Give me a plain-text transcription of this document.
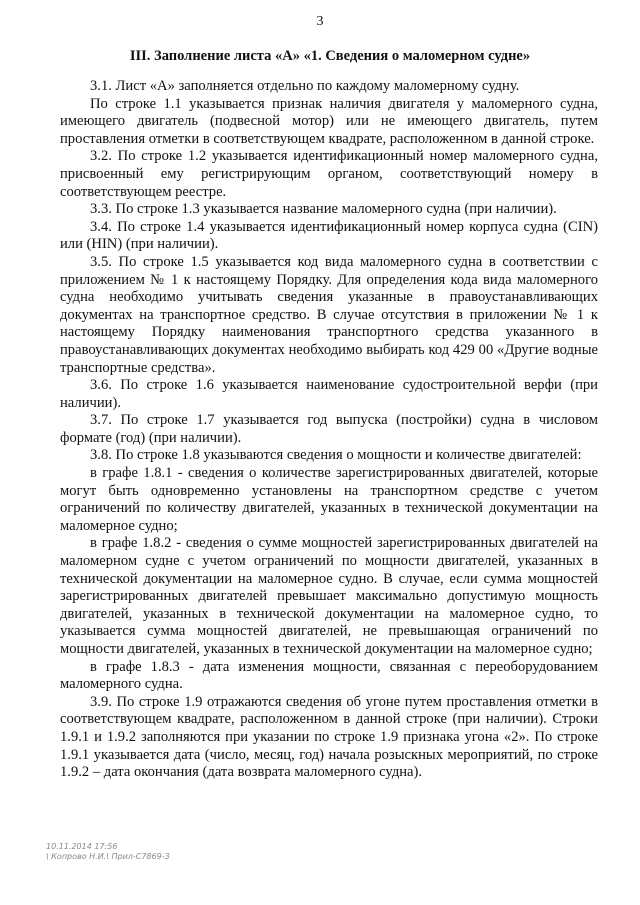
3
III. Заполнение листа «А» «1. Сведения о маломерном судне»

3.1. Лист «А» заполняется отдельно по каждому маломерному судну.

По строке 1.1 указывается признак наличия двигателя у маломерного судна, имеющего двигатель (подвесной мотор) или не имеющего двигатель, путем проставления отметки в соответствующем квадрате, расположенном в данной строке.

3.2. По строке 1.2 указывается идентификационный номер маломерного судна, присвоенный ему регистрирующим органом, соответствующий номеру в соответствующем реестре.

3.3. По строке 1.3 указывается название маломерного судна (при наличии).

3.4. По строке 1.4 указывается идентификационный номер корпуса судна (CIN) или (HIN) (при наличии).

3.5. По строке 1.5 указывается код вида маломерного судна в соответствии с приложением № 1 к настоящему Порядку. Для определения кода вида маломерного судна необходимо учитывать сведения указанные в правоустанавливающих документах на транспортное средство. В случае отсутствия в приложении № 1 к настоящему Порядку наименования транспортного средства указанного в правоустанавливающих документах необходимо выбирать код 429 00 «Другие водные транспортные средства».

3.6. По строке 1.6 указывается наименование судостроительной верфи (при наличии).

3.7. По строке 1.7 указывается год выпуска (постройки) судна в числовом формате (год) (при наличии).

3.8. По строке 1.8 указываются сведения о мощности и количестве двигателей:

в графе 1.8.1 - сведения о количестве зарегистрированных двигателей, которые могут быть одновременно установлены на транспортном средстве с учетом ограничений по количеству двигателей, указанных в технической документации на маломерное судно;

в графе 1.8.2 - сведения о сумме мощностей зарегистрированных двигателей на маломерном судне с учетом ограничений по мощности двигателей, указанных в технической документации на маломерное судно. В случае, если сумма мощностей зарегистрированных двигателей превышает максимально допустимую мощность двигателей, указанных в технической документации на маломерное судно, то указывается сумма мощностей двигателей, не превышающая ограничений по мощности двигателей, указанных в технической документации на маломерное судно;

в графе 1.8.3 - дата изменения мощности, связанная с переоборудованием маломерного судна.

3.9. По строке 1.9 отражаются сведения об угоне путем проставления отметки в соответствующем квадрате, расположенном в данной строке (при наличии). Строки 1.9.1 и 1.9.2 заполняются при указании по строке 1.9 признака угона «2». По строке 1.9.1 указывается дата (число, месяц, год) начала розыскных мероприятий, по строке 1.9.2 – дата окончания (дата возврата маломерного судна).

10.11.2014 17:56
\ Копрово Н.И.\ Прил-С7869-3
